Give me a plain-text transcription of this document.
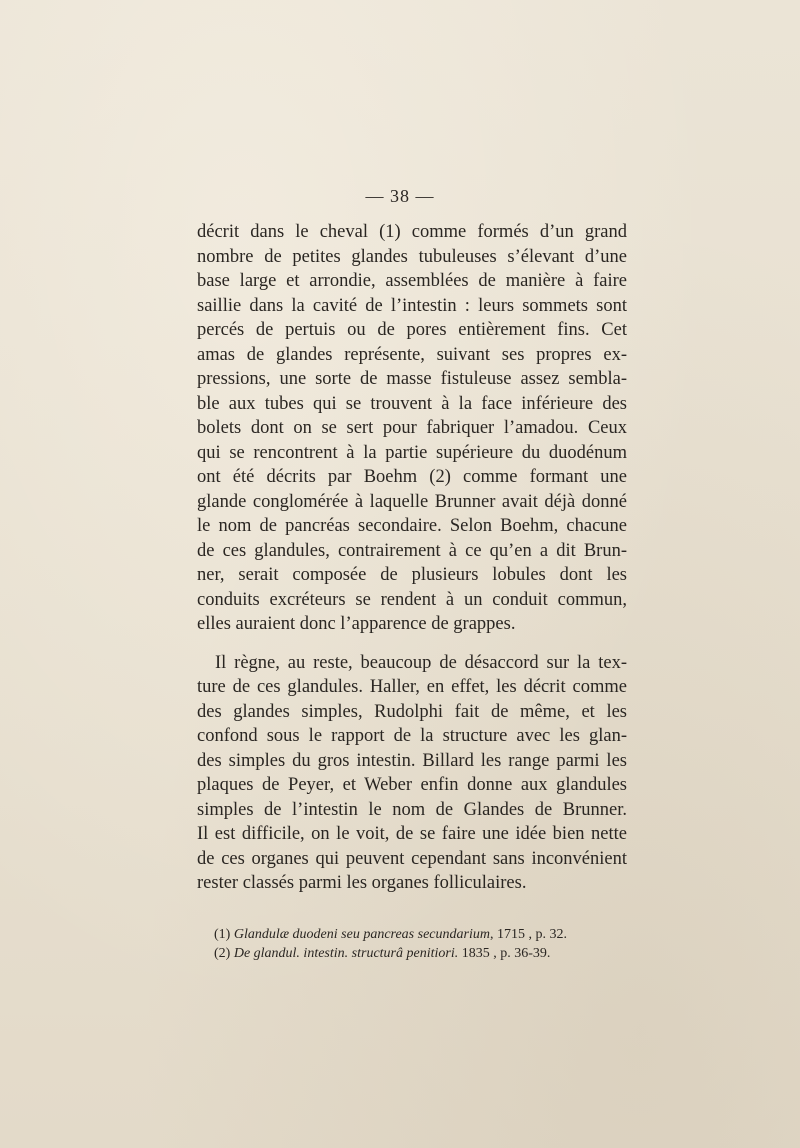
— 38 —
décrit dans le cheval (1) comme formés d’un grand
nombre de petites glandes tubuleuses s’élevant d’une
base large et arrondie, assemblées de manière à faire
saillie dans la cavité de l’intestin : leurs sommets sont
percés de pertuis ou de pores entièrement fins. Cet
amas de glandes représente, suivant ses propres ex-
pressions, une sorte de masse fistuleuse assez sembla-
ble aux tubes qui se trouvent à la face inférieure des
bolets dont on se sert pour fabriquer l’amadou. Ceux
qui se rencontrent à la partie supérieure du duodénum
ont été décrits par Boehm (2) comme formant une
glande conglomérée à laquelle Brunner avait déjà donné
le nom de pancréas secondaire. Selon Boehm, chacune
de ces glandules, contrairement à ce qu’en a dit Brun-
ner, serait composée de plusieurs lobules dont les
conduits excréteurs se rendent à un conduit commun,
elles auraient donc l’apparence de grappes.
Il règne, au reste, beaucoup de désaccord sur la tex-
ture de ces glandules. Haller, en effet, les décrit comme
des glandes simples, Rudolphi fait de même, et les
confond sous le rapport de la structure avec les glan-
des simples du gros intestin. Billard les range parmi les
plaques de Peyer, et Weber enfin donne aux glandules
simples de l’intestin le nom de Glandes de Brunner.
Il est difficile, on le voit, de se faire une idée bien nette
de ces organes qui peuvent cependant sans inconvénient
rester classés parmi les organes folliculaires.
(1) Glandulæ duodeni seu pancreas secundarium, 1715 , p. 32.
(2) De glandul. intestin. structurâ penitiori. 1835 , p. 36-39.
